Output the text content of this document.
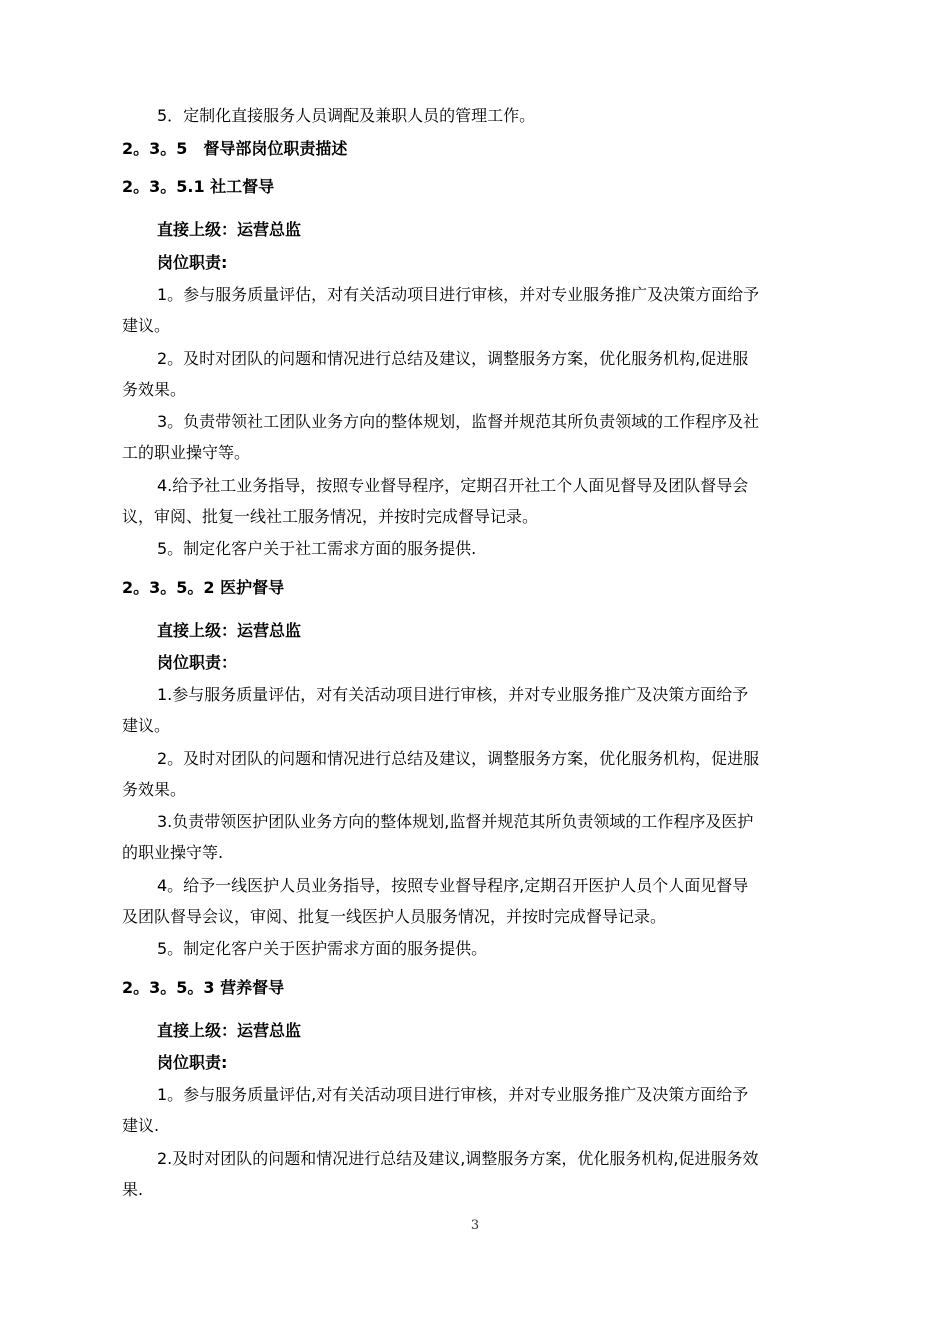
5．定制化直接服务人员调配及兼职人员的管理工作。
2。3。5　督导部岗位职责描述
2。3。5.1 社工督导
直接上级：运营总监
岗位职责:
1。参与服务质量评估，对有关活动项目进行审核，并对专业服务推广及决策方面给予
建议。
2。及时对团队的问题和情况进行总结及建议，调整服务方案，优化服务机构,促进服
务效果。
3。负责带领社工团队业务方向的整体规划，监督并规范其所负责领域的工作程序及社
工的职业操守等。
4.给予社工业务指导，按照专业督导程序，定期召开社工个人面见督导及团队督导会
议，审阅、批复一线社工服务情况，并按时完成督导记录。
5。制定化客户关于社工需求方面的服务提供.
2。3。5。2 医护督导
直接上级：运营总监
岗位职责：
1.参与服务质量评估，对有关活动项目进行审核，并对专业服务推广及决策方面给予
建议。
2。及时对团队的问题和情况进行总结及建议，调整服务方案，优化服务机构，促进服
务效果。
3.负责带领医护团队业务方向的整体规划,监督并规范其所负责领域的工作程序及医护
的职业操守等.
4。给予一线医护人员业务指导，按照专业督导程序,定期召开医护人员个人面见督导
及团队督导会议，审阅、批复一线医护人员服务情况，并按时完成督导记录。
5。制定化客户关于医护需求方面的服务提供。
2。3。5。3 营养督导
直接上级：运营总监
岗位职责:
1。参与服务质量评估,对有关活动项目进行审核，并对专业服务推广及决策方面给予
建议.
2.及时对团队的问题和情况进行总结及建议,调整服务方案，优化服务机构,促进服务效
果.
3
